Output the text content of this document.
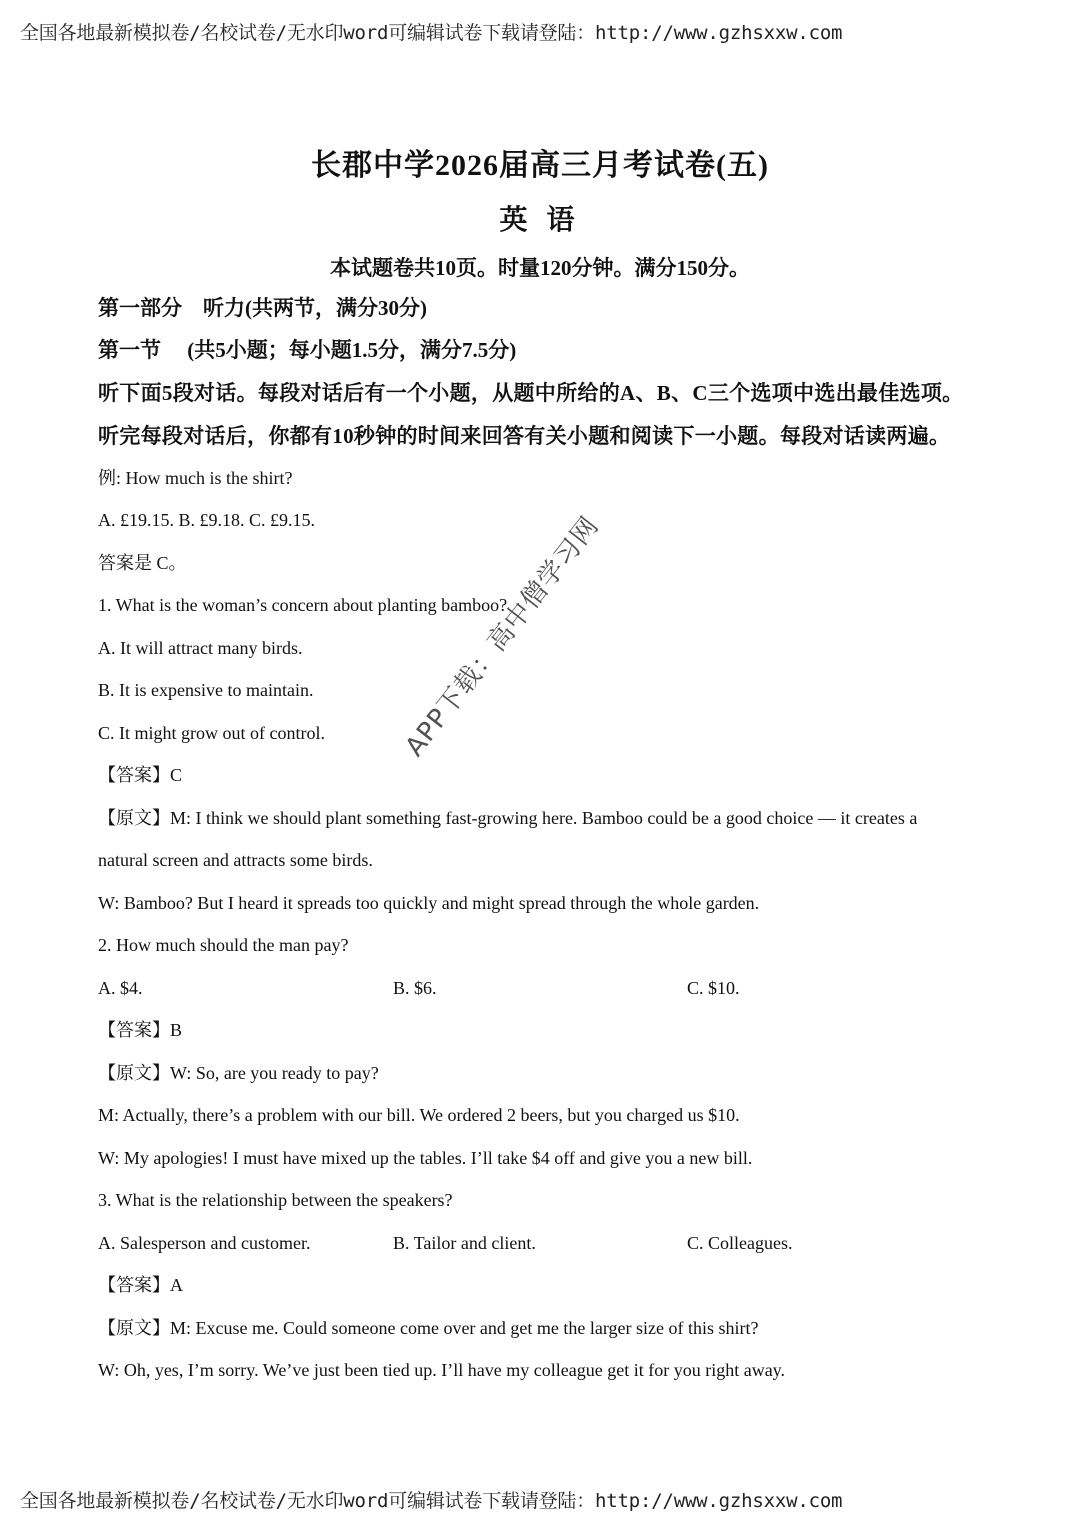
全国各地最新模拟卷/名校试卷/无水印word可编辑试卷下载请登陆：http://www.gzhsxxw.com
长郡中学2026届高三月考试卷(五)
英 语
本试题卷共10页。时量120分钟。满分150分。
第一部分　听力(共两节，满分30分)
第一节　 (共5小题；每小题1.5分，满分7.5分)
听下面5段对话。每段对话后有一个小题，从题中所给的A、B、C三个选项中选出最佳选项。
听完每段对话后，你都有10秒钟的时间来回答有关小题和阅读下一小题。每段对话读两遍。
例: How much is the shirt?
A. £19.15. B. £9.18. C. £9.15.
答案是 C。
1. What is the woman’s concern about planting bamboo?
A. It will attract many birds.
B. It is expensive to maintain.
C. It might grow out of control.
【答案】C
【原文】M: I think we should plant something fast-growing here. Bamboo could be a good choice — it creates a
natural screen and attracts some birds.
W: Bamboo? But I heard it spreads too quickly and might spread through the whole garden.
2. How much should the man pay?
A. $4.	B. $6.	C. $10.
【答案】B
【原文】W: So, are you ready to pay?
M: Actually, there’s a problem with our bill. We ordered 2 beers, but you charged us $10.
W: My apologies! I must have mixed up the tables. I’ll take $4 off and give you a new bill.
3. What is the relationship between the speakers?
A. Salesperson and customer.	B. Tailor and client.	C. Colleagues.
【答案】A
【原文】M: Excuse me. Could someone come over and get me the larger size of this shirt?
W: Oh, yes, I’m sorry. We’ve just been tied up. I’ll have my colleague get it for you right away.
APP下载：高中僧学习网
全国各地最新模拟卷/名校试卷/无水印word可编辑试卷下载请登陆：http://www.gzhsxxw.com
